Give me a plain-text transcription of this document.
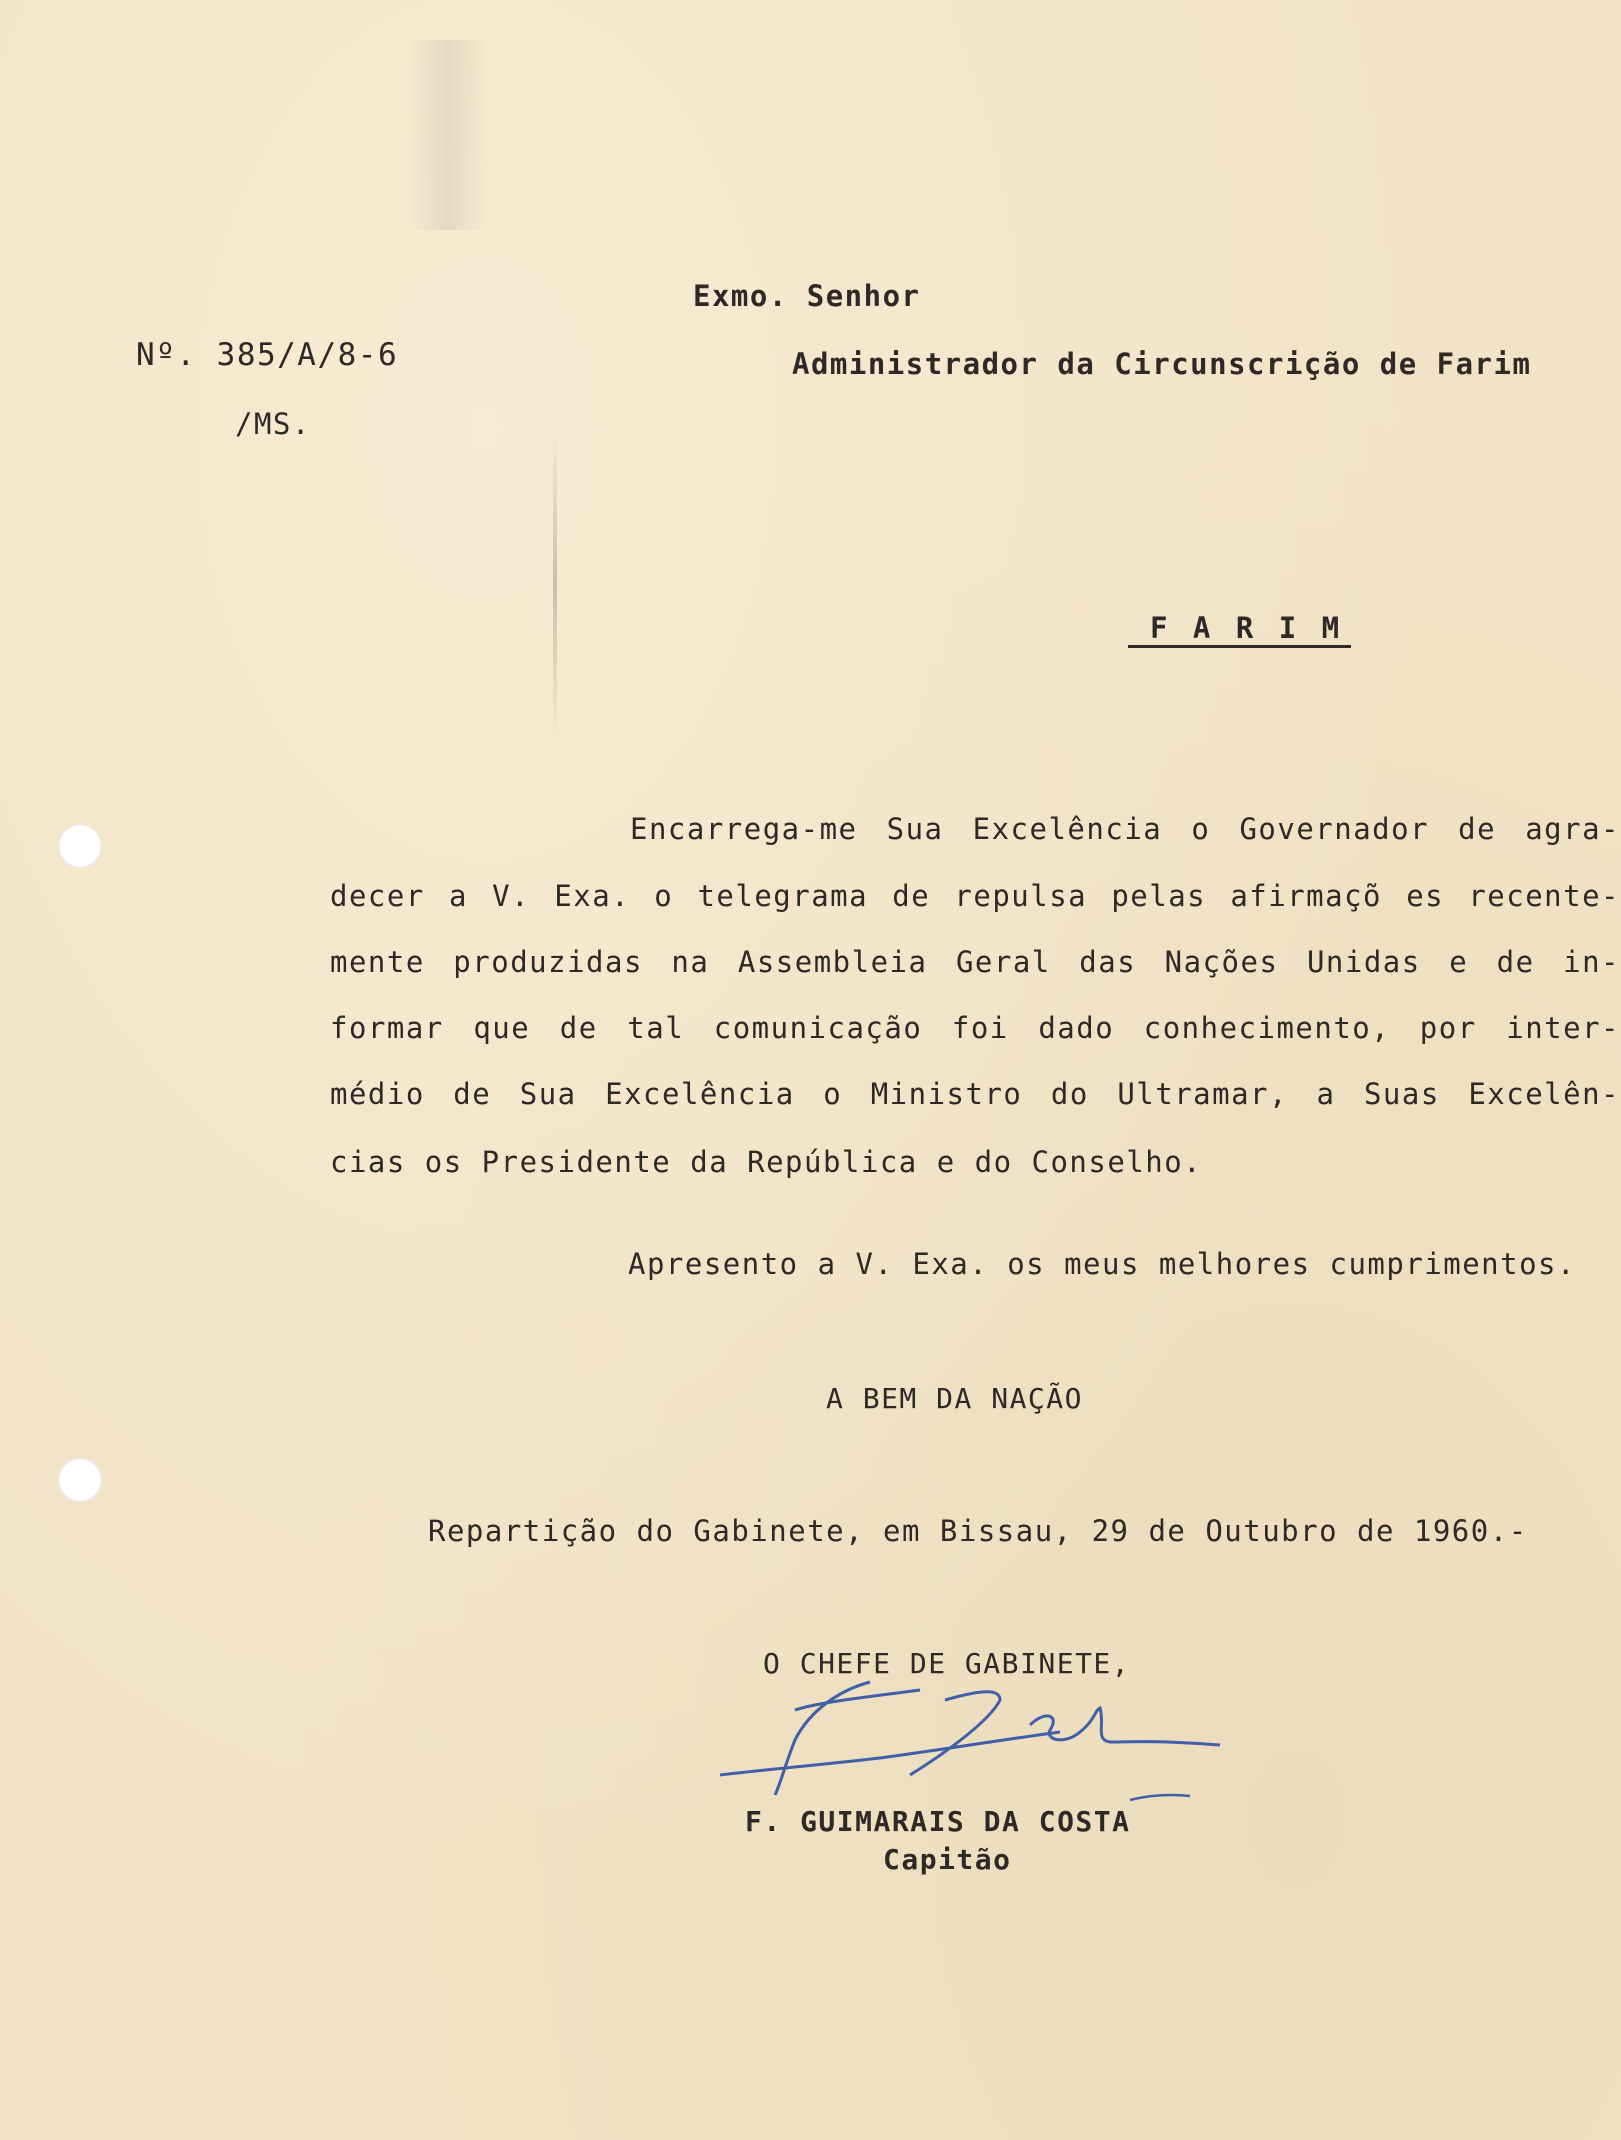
Exmo. Senhor
Administrador da Circunscrição de Farim
Nº. 385/A/8-6
/MS.
F A R I M
Encarrega-me Sua Excelência o Governador de agra-
decer a V. Exa. o telegrama de repulsa pelas afirmaçõ es recente-
mente produzidas na Assembleia Geral das Nações Unidas e de in-
formar que de tal comunicação foi dado conhecimento, por inter-
médio de Sua Excelência o Ministro do Ultramar, a Suas Excelên-
cias os Presidente da República e do Conselho.
Apresento a V. Exa. os meus melhores cumprimentos.
A BEM DA NAÇÃO
Repartição do Gabinete, em Bissau, 29 de Outubro de 1960.-
O CHEFE DE GABINETE,
F. GUIMARAIS DA COSTA
Capitão
